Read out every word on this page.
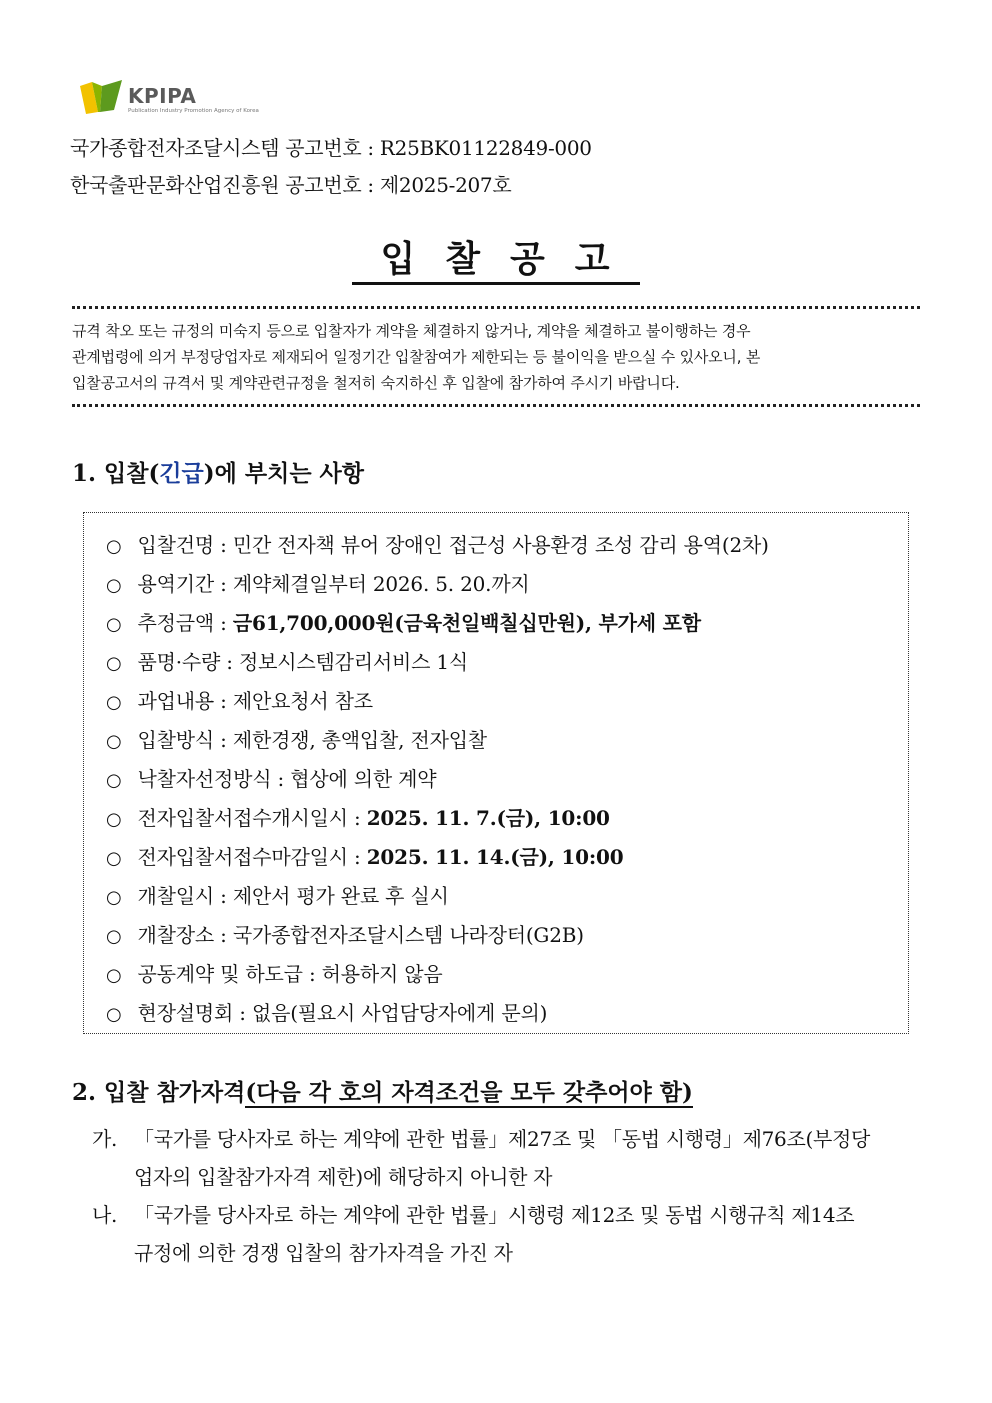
KPIPA
Publication Industry Promotion Agency of Korea
국가종합전자조달시스템 공고번호 : R25BK01122849-000
한국출판문화산업진흥원 공고번호 : 제2025-207호
입찰공고

규격 착오 또는 규정의 미숙지 등으로 입찰자가 계약을 체결하지 않거나, 계약을 체결하고 불이행하는 경우

관계법령에 의거 부정당업자로 제재되어 일정기간 입찰참여가 제한되는 등 불이익을 받으실 수 있사오니, 본

입찰공고서의 규격서 및 계약관련규정을 철저히 숙지하신 후 입찰에 참가하여 주시기 바랍니다.

1. 입찰(긴급)에 부치는 사항
○ 입찰건명 : 민간 전자책 뷰어 장애인 접근성 사용환경 조성 감리 용역(2차)
○ 용역기간 : 계약체결일부터 2026. 5. 20.까지
○ 추정금액 : 금61,700,000원(금육천일백칠십만원), 부가세 포함
○ 품명·수량 : 정보시스템감리서비스 1식
○ 과업내용 : 제안요청서 참조
○ 입찰방식 : 제한경쟁, 총액입찰, 전자입찰
○ 낙찰자선정방식 : 협상에 의한 계약
○ 전자입찰서접수개시일시 : 2025. 11. 7.(금), 10:00
○ 전자입찰서접수마감일시 : 2025. 11. 14.(금), 10:00
○ 개찰일시 : 제안서 평가 완료 후 실시
○ 개찰장소 : 국가종합전자조달시스템 나라장터(G2B)
○ 공동계약 및 하도급 : 허용하지 않음
○ 현장설명회 : 없음(필요시 사업담당자에게 문의)
2. 입찰 참가자격(다음 각 호의 자격조건을 모두 갖추어야 함)
가. 「국가를 당사자로 하는 계약에 관한 법률」제27조 및 「동법 시행령」제76조(부정당
업자의 입찰참가자격 제한)에 해당하지 아니한 자
나. 「국가를 당사자로 하는 계약에 관한 법률」시행령 제12조 및 동법 시행규칙 제14조
규정에 의한 경쟁 입찰의 참가자격을 가진 자
